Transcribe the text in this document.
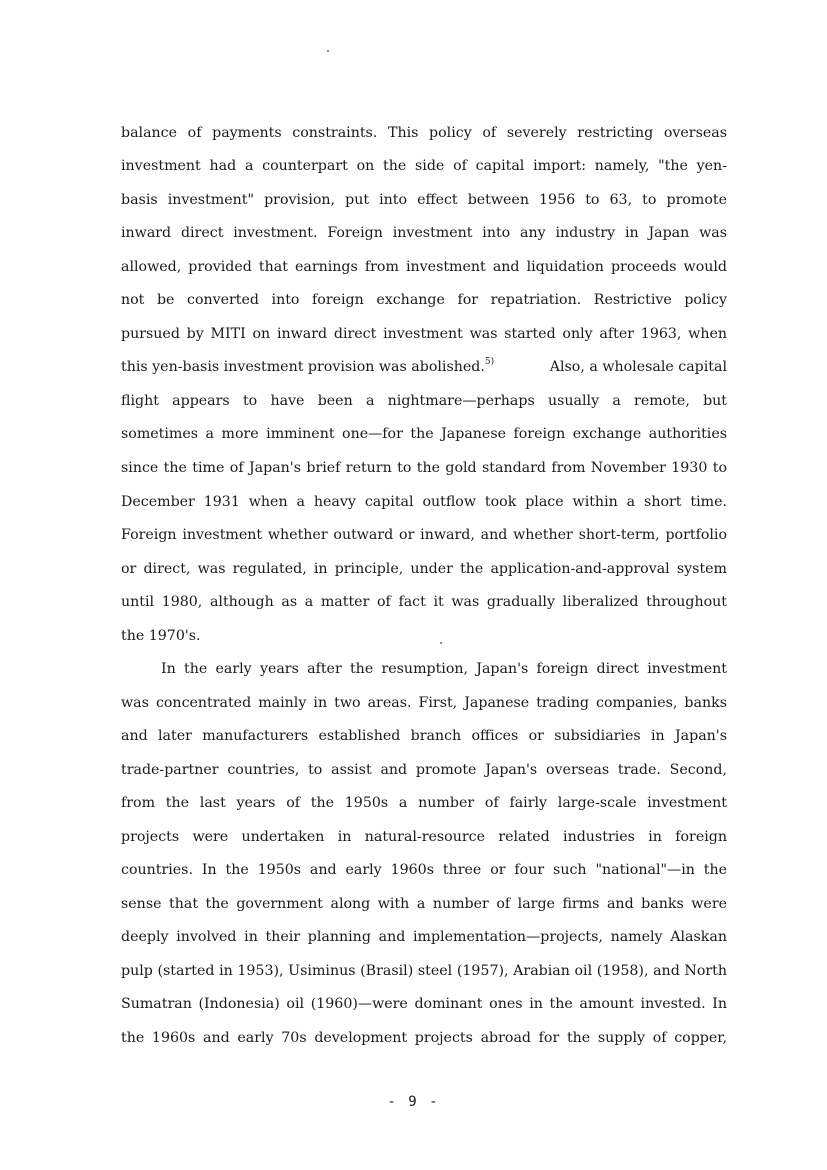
balance of payments constraints. This policy of severely restricting overseas
investment had a counterpart on the side of capital import: namely, "the yen-
basis investment" provision, put into effect between 1956 to 63, to promote
inward direct investment. Foreign investment into any industry in Japan was
allowed, provided that earnings from investment and liquidation proceeds would
not be converted into foreign exchange for repatriation. Restrictive policy
pursued by MITI on inward direct investment was started only after 1963, when
this yen-basis investment provision was abolished.$^{5)}$	Also, a wholesale capital
flight appears to have been a nightmare—perhaps usually a remote, but
sometimes a more imminent one—for the Japanese foreign exchange authorities
since the time of Japan's brief return to the gold standard from November 1930 to
December 1931 when a heavy capital outflow took place within a short time.
Foreign investment whether outward or inward, and whether short-term, portfolio
or direct, was regulated, in principle, under the application-and-approval system
until 1980, although as a matter of fact it was gradually liberalized throughout
the 1970's.
In the early years after the resumption, Japan's foreign direct investment
was concentrated mainly in two areas. First, Japanese trading companies, banks
and later manufacturers established branch offices or subsidiaries in Japan's
trade-partner countries, to assist and promote Japan's overseas trade. Second,
from the last years of the 1950s a number of fairly large-scale investment
projects were undertaken in natural-resource related industries in foreign
countries. In the 1950s and early 1960s three or four such "national"—in the
sense that the government along with a number of large firms and banks were
deeply involved in their planning and implementation—projects, namely Alaskan
pulp (started in 1953), Usiminus (Brasil) steel (1957), Arabian oil (1958), and North
Sumatran (Indonesia) oil (1960)—were dominant ones in the amount invested. In
the 1960s and early 70s development projects abroad for the supply of copper,
- 9 -
